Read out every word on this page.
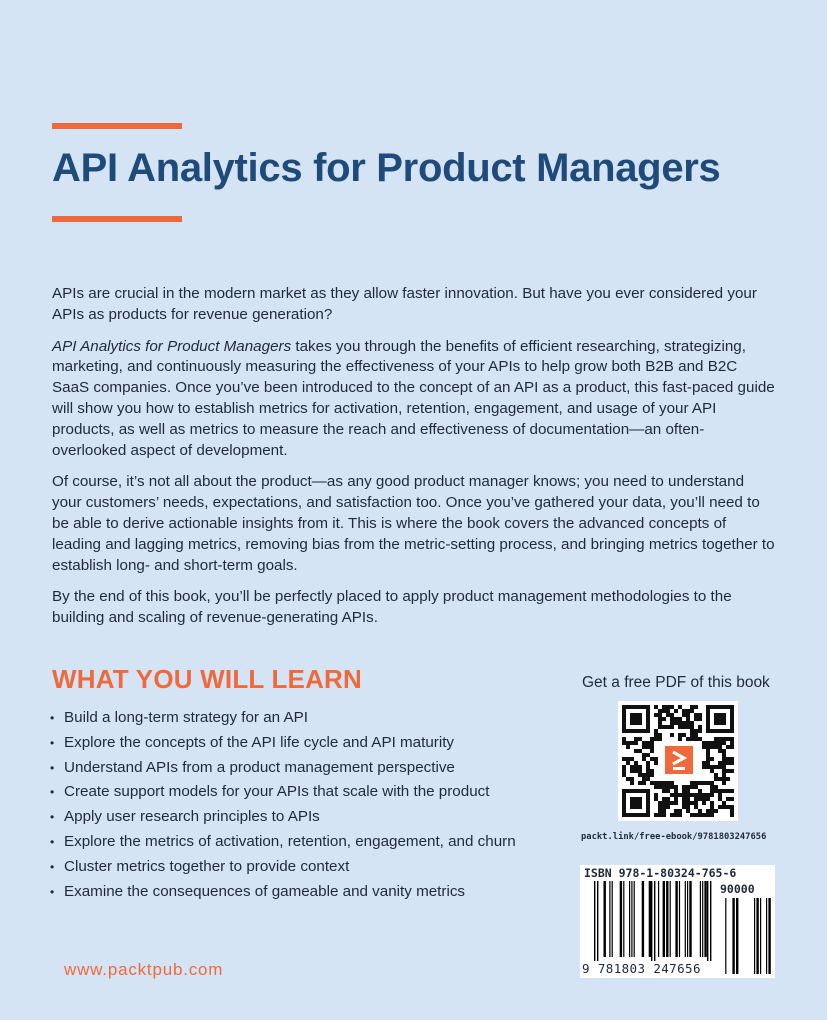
API Analytics for Product Managers

APIs are crucial in the modern market as they allow faster innovation. But have you ever considered your APIs as products for revenue generation?

API Analytics for Product Managers takes you through the benefits of efficient researching, strategizing, marketing, and continuously measuring the effectiveness of your APIs to help grow both B2B and B2C SaaS companies. Once you’ve been introduced to the concept of an API as a product, this fast-paced guide will show you how to establish metrics for activation, retention, engagement, and usage of your API products, as well as metrics to measure the reach and effectiveness of documentation—an often-overlooked aspect of development.

Of course, it’s not all about the product—as any good product manager knows; you need to understand your customers’ needs, expectations, and satisfaction too. Once you’ve gathered your data, you’ll need to be able to derive actionable insights from it. This is where the book covers the advanced concepts of leading and lagging metrics, removing bias from the metric-setting process, and bringing metrics together to establish long- and short-term goals.

By the end of this book, you’ll be perfectly placed to apply product management methodologies to the building and scaling of revenue-generating APIs.

WHAT YOU WILL LEARN
• Build a long-term strategy for an API
• Explore the concepts of the API life cycle and API maturity
• Understand APIs from a product management perspective
• Create support models for your APIs that scale with the product
• Apply user research principles to APIs
• Explore the metrics of activation, retention, engagement, and churn
• Cluster metrics together to provide context
• Examine the consequences of gameable and vanity metrics
Get a free PDF of this book
packt.link/free-ebook/9781803247656
ISBN 978-1-80324-765-6
90000
9 781803 247656
www.packtpub.com
